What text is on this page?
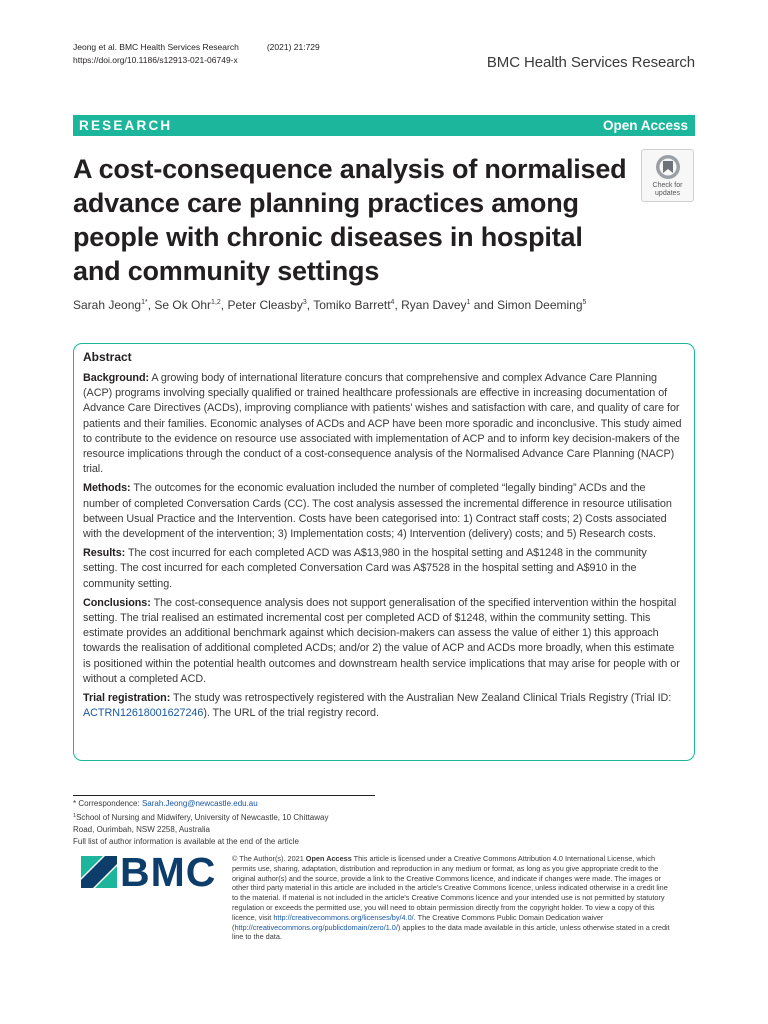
Jeong et al. BMC Health Services Research	(2021) 21:729
https://doi.org/10.1186/s12913-021-06749-x	BMC Health Services Research
RESEARCH	Open Access
A cost-consequence analysis of normalised advance care planning practices among people with chronic diseases in hospital and community settings
Check for
updates
Sarah Jeong$^{1*}$, Se Ok Ohr$^{1,2}$, Peter Cleasby$^3$, Tomiko Barrett$^4$, Ryan Davey$^1$ and Simon Deeming$^5$
Abstract

Background: A growing body of international literature concurs that comprehensive and complex Advance Care Planning (ACP) programs involving specially qualified or trained healthcare professionals are effective in increasing documentation of Advance Care Directives (ACDs), improving compliance with patients' wishes and satisfaction with care, and quality of care for patients and their families. Economic analyses of ACDs and ACP have been more sporadic and inconclusive. This study aimed to contribute to the evidence on resource use associated with implementation of ACP and to inform key decision-makers of the resource implications through the conduct of a cost-consequence analysis of the Normalised Advance Care Planning (NACP) trial.

Methods: The outcomes for the economic evaluation included the number of completed “legally binding” ACDs and the number of completed Conversation Cards (CC). The cost analysis assessed the incremental difference in resource utilisation between Usual Practice and the Intervention. Costs have been categorised into: 1) Contract staff costs; 2) Costs associated with the development of the intervention; 3) Implementation costs; 4) Intervention (delivery) costs; and 5) Research costs.

Results: The cost incurred for each completed ACD was A$13,980 in the hospital setting and A$1248 in the community setting. The cost incurred for each completed Conversation Card was A$7528 in the hospital setting and A$910 in the community setting.

Conclusions: The cost-consequence analysis does not support generalisation of the specified intervention within the hospital setting. The trial realised an estimated incremental cost per completed ACD of $1248, within the community setting. This estimate provides an additional benchmark against which decision-makers can assess the value of either 1) this approach towards the realisation of additional completed ACDs; and/or 2) the value of ACP and ACDs more broadly, when this estimate is positioned within the potential health outcomes and downstream health service implications that may arise for people with or without a completed ACD.

Trial registration: The study was retrospectively registered with the Australian New Zealand Clinical Trials Registry (Trial ID: ACTRN12618001627246). The URL of the trial registry record.

* Correspondence: Sarah.Jeong@newcastle.edu.au
$^1$School of Nursing and Midwifery, University of Newcastle, 10 Chittaway
Road, Ourimbah, NSW 2258, Australia
Full list of author information is available at the end of the article
BMC © The Author(s). 2021 Open Access This article is licensed under a Creative Commons Attribution 4.0 International License, which permits use, sharing, adaptation, distribution and reproduction in any medium or format, as long as you give appropriate credit to the original author(s) and the source, provide a link to the Creative Commons licence, and indicate if changes were made. The images or other third party material in this article are included in the article's Creative Commons licence, unless indicated otherwise in a credit line to the material. If material is not included in the article's Creative Commons licence and your intended use is not permitted by statutory regulation or exceeds the permitted use, you will need to obtain permission directly from the copyright holder. To view a copy of this licence, visit http://creativecommons.org/licenses/by/4.0/. The Creative Commons Public Domain Dedication waiver (http://creativecommons.org/publicdomain/zero/1.0/) applies to the data made available in this article, unless otherwise stated in a credit line to the data.
